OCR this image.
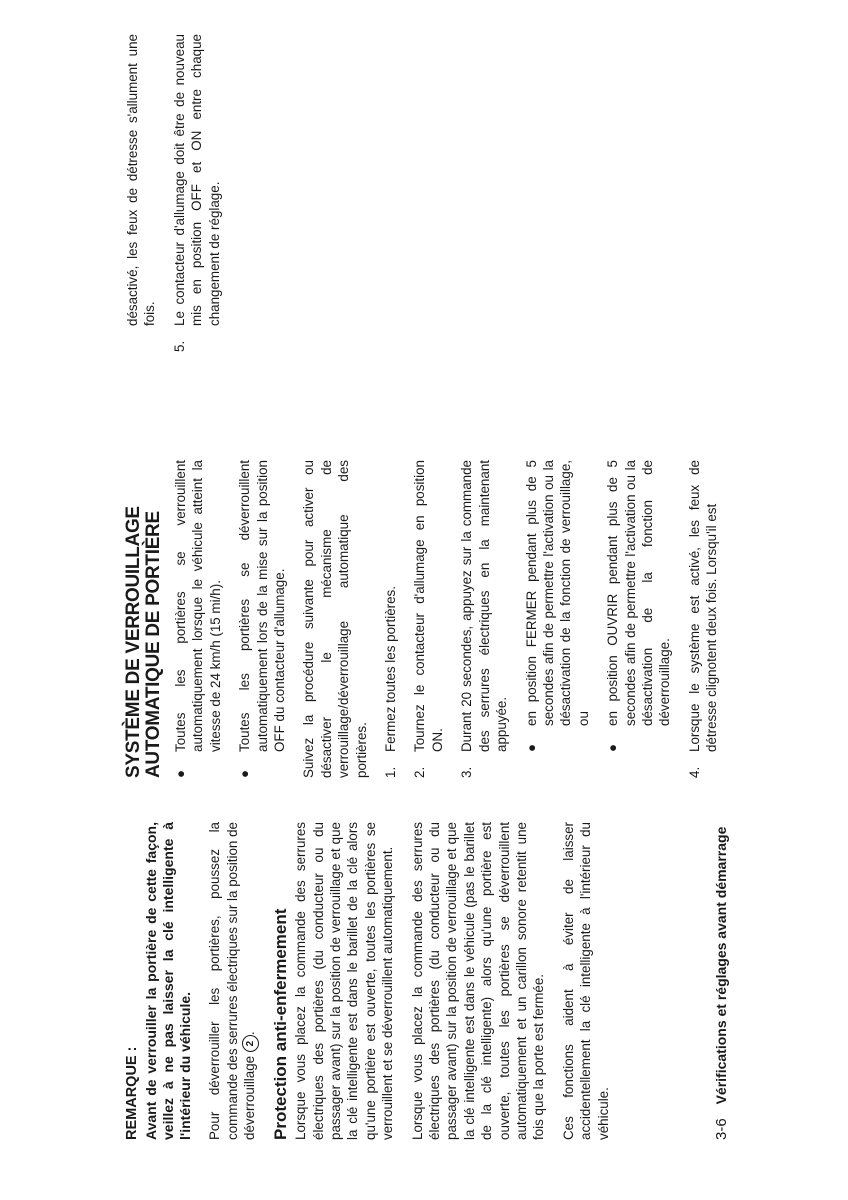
REMARQUE : Avant de verrouiller la portière de cette façon, veillez à ne pas laisser la clé intelligente à l'intérieur du véhicule. Pour déverrouiller les portières, poussez la commande des serrures électriques sur la position de déverrouillage 2. Protection anti-enfermement Lorsque vous placez la commande des serrures électriques des portières (du conducteur ou du passager avant) sur la position de verrouillage et que la clé intelligente est dans le barillet de la clé alors qu'une portière est ouverte, toutes les portières se verrouillent et se déverrouillent automatiquement. Lorsque vous placez la commande des serrures électriques des portières (du conducteur ou du passager avant) sur la position de verrouillage et que la clé intelligente est dans le véhicule (pas le barillet de la clé intelligente) alors qu'une portière est ouverte, toutes les portières se déverrouillent automatiquement et un carillon sonore retentit une fois que la porte est fermée. Ces fonctions aident à éviter de laisser accidentellement la clé intelligente à l'intérieur du véhicule.

SYSTÈME DE VERROUILLAGE AUTOMATIQUE DE PORTIÈRE ●
Toutes les portières se verrouillent automatiquement lorsque le véhicule atteint la vitesse de 24 km/h (15 mi/h).
●
Toutes les portières se déverrouillent automatiquement lors de la mise sur la position OFF du contacteur d'allumage. Suivez la procédure suivante pour activer ou désactiver le mécanisme de verrouillage/déverrouillage automatique des portières. 1.
Fermez toutes les portières.
2.
Tournez le contacteur d'allumage en position ON.
3.
Durant 20 secondes, appuyez sur la commande des serrures électriques en la maintenant appuyée. ●
en position FERMER pendant plus de 5 secondes afin de permettre l'activation ou la désactivation de la fonction de verrouillage, ou
●
en position OUVRIR pendant plus de 5 secondes afin de permettre l'activation ou la désactivation de la fonction de déverrouillage.
4.
Lorsque le système est activé, les feux de détresse clignotent deux fois. Lorsqu'il est

désactivé, les feux de détresse s'allument une fois.

5.
Le contacteur d'allumage doit être de nouveau mis en position OFF et ON entre chaque changement de réglage.
3-6 Vérifications et réglages avant démarrage
